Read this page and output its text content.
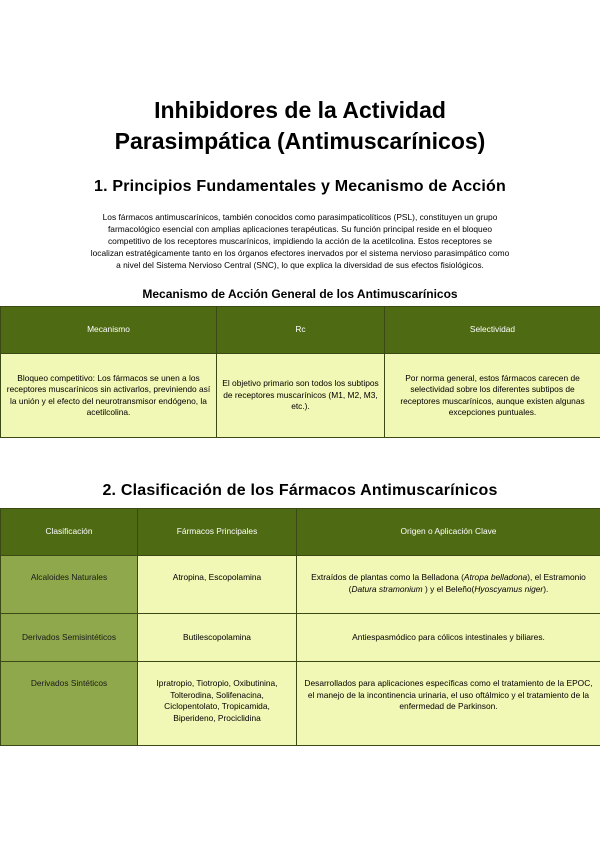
Inhibidores de la Actividad
Parasimpática (Antimuscarínicos)
1. Principios Fundamentales y Mecanismo de Acción
Los fármacos antimuscarínicos, también conocidos como parasimpaticolíticos (PSL), constituyen un grupo
farmacológico esencial con amplias aplicaciones terapéuticas. Su función principal reside en el bloqueo
competitivo de los receptores muscarínicos, impidiendo la acción de la acetilcolina. Estos receptores se
localizan estratégicamente tanto en los órganos efectores inervados por el sistema nervioso parasimpático como
a nivel del Sistema Nervioso Central (SNC), lo que explica la diversidad de sus efectos fisiológicos.
Mecanismo de Acción General de los Antimuscarínicos
Mecanismo	Rc	Selectividad
Bloqueo competitivo: Los fármacos se unen a los receptores muscarínicos sin activarlos, previniendo así la unión y el efecto del neurotransmisor endógeno, la acetilcolina.	El objetivo primario son todos los subtipos de receptores muscarínicos (M1, M2, M3, etc.).	Por norma general, estos fármacos carecen de selectividad sobre los diferentes subtipos de receptores muscarínicos, aunque existen algunas excepciones puntuales.
2. Clasificación de los Fármacos Antimuscarínicos
Clasificación	Fármacos Principales	Origen o Aplicación Clave
Alcaloides Naturales	Atropina, Escopolamina	Extraídos de plantas como la Belladona (Atropa belladona), el Estramonio (Datura stramonium ) y el Beleño(Hyoscyamus niger).
Derivados Semisintéticos	Butilescopolamina	Antiespasmódico para cólicos intestinales y biliares.
Derivados Sintéticos	Ipratropio, Tiotropio, Oxibutinina, Tolterodina, Solifenacina, Ciclopentolato, Tropicamida, Biperideno, Prociclidina	Desarrollados para aplicaciones específicas como el tratamiento de la EPOC, el manejo de la incontinencia urinaria, el uso oftálmico y el tratamiento de la enfermedad de Parkinson.
